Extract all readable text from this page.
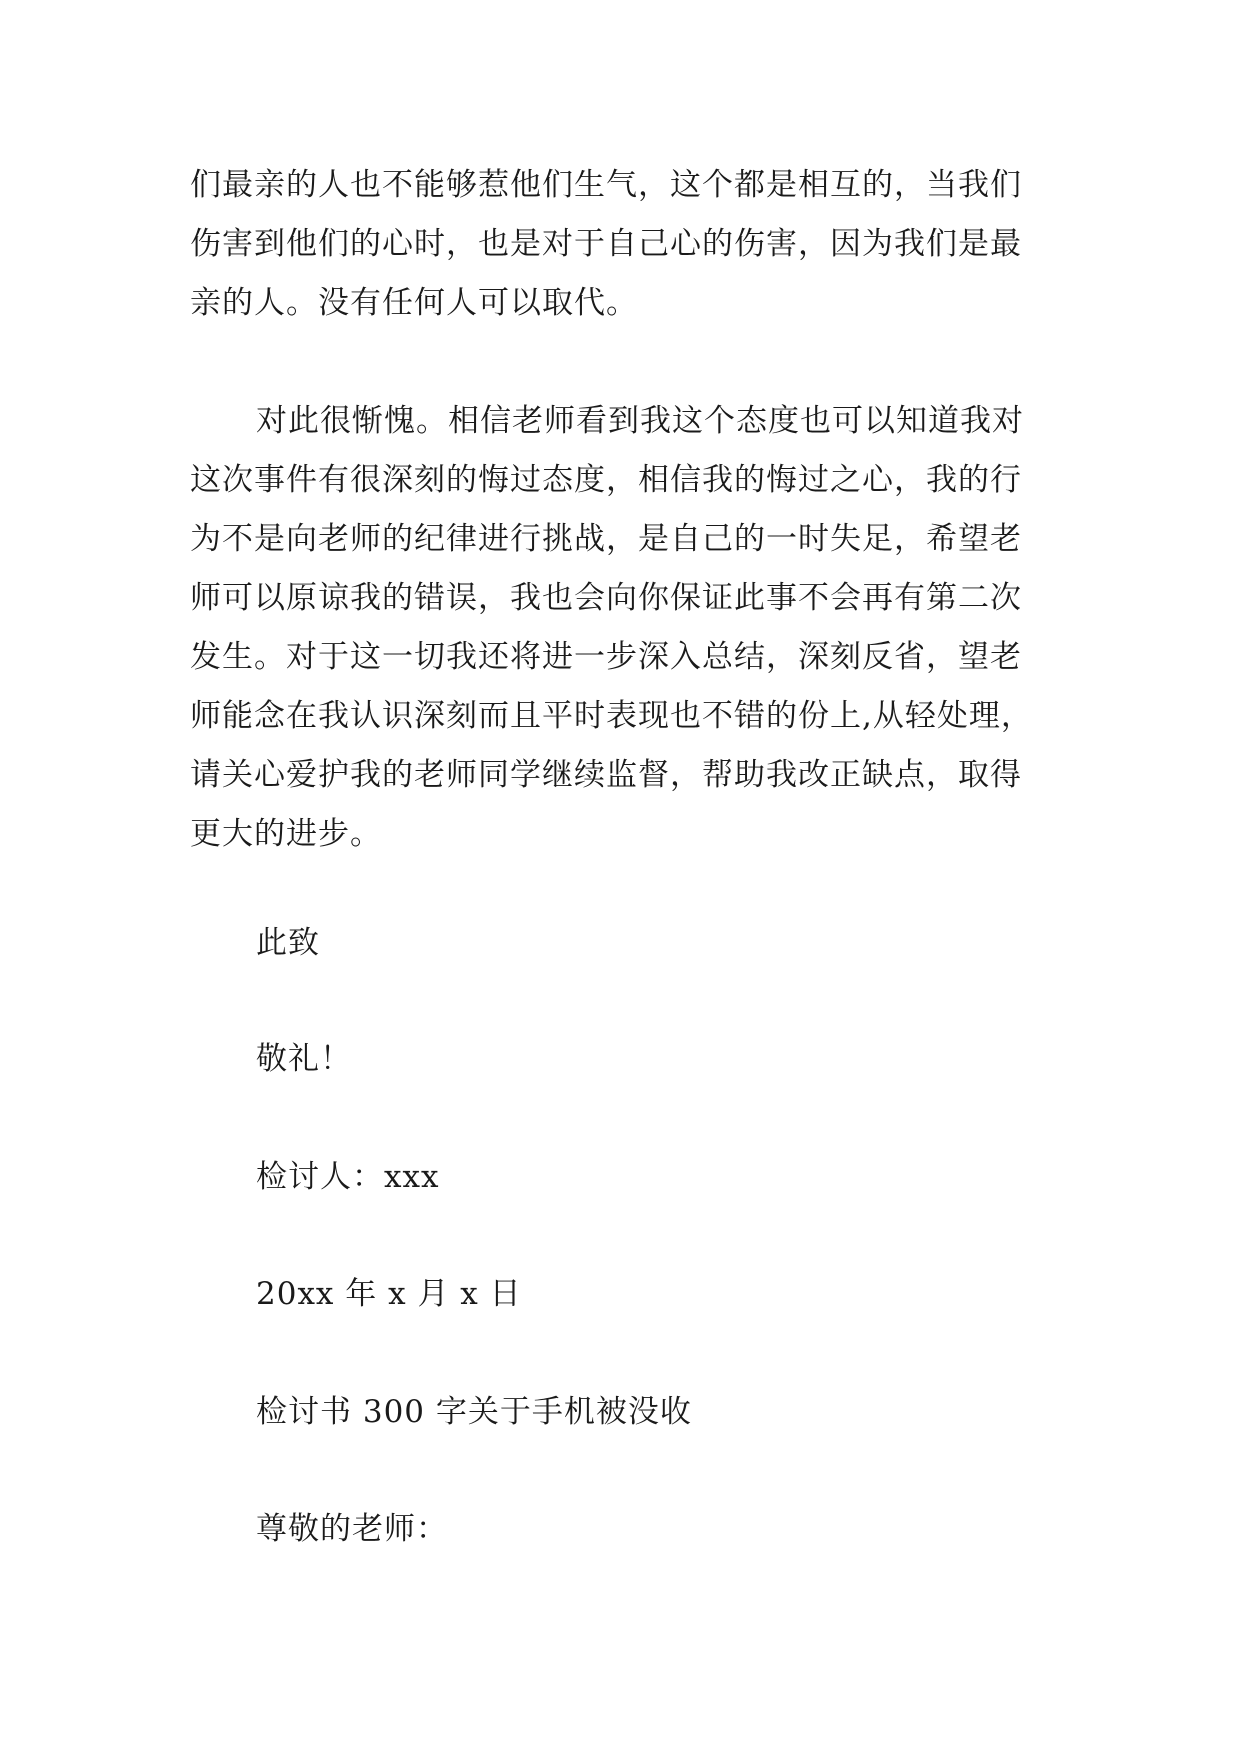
们最亲的人也不能够惹他们生气，这个都是相互的，当我们
伤害到他们的心时，也是对于自己心的伤害，因为我们是最
亲的人。没有任何人可以取代。
对此很惭愧。相信老师看到我这个态度也可以知道我对
这次事件有很深刻的悔过态度，相信我的悔过之心，我的行
为不是向老师的纪律进行挑战，是自己的一时失足，希望老
师可以原谅我的错误，我也会向你保证此事不会再有第二次
发生。对于这一切我还将进一步深入总结，深刻反省，望老
师能念在我认识深刻而且平时表现也不错的份上,从轻处理，
请关心爱护我的老师同学继续监督，帮助我改正缺点，取得
更大的进步。
此致
敬礼！
检讨人：xxx
20xx 年 x 月 x 日
检讨书 300 字关于手机被没收
尊敬的老师：
